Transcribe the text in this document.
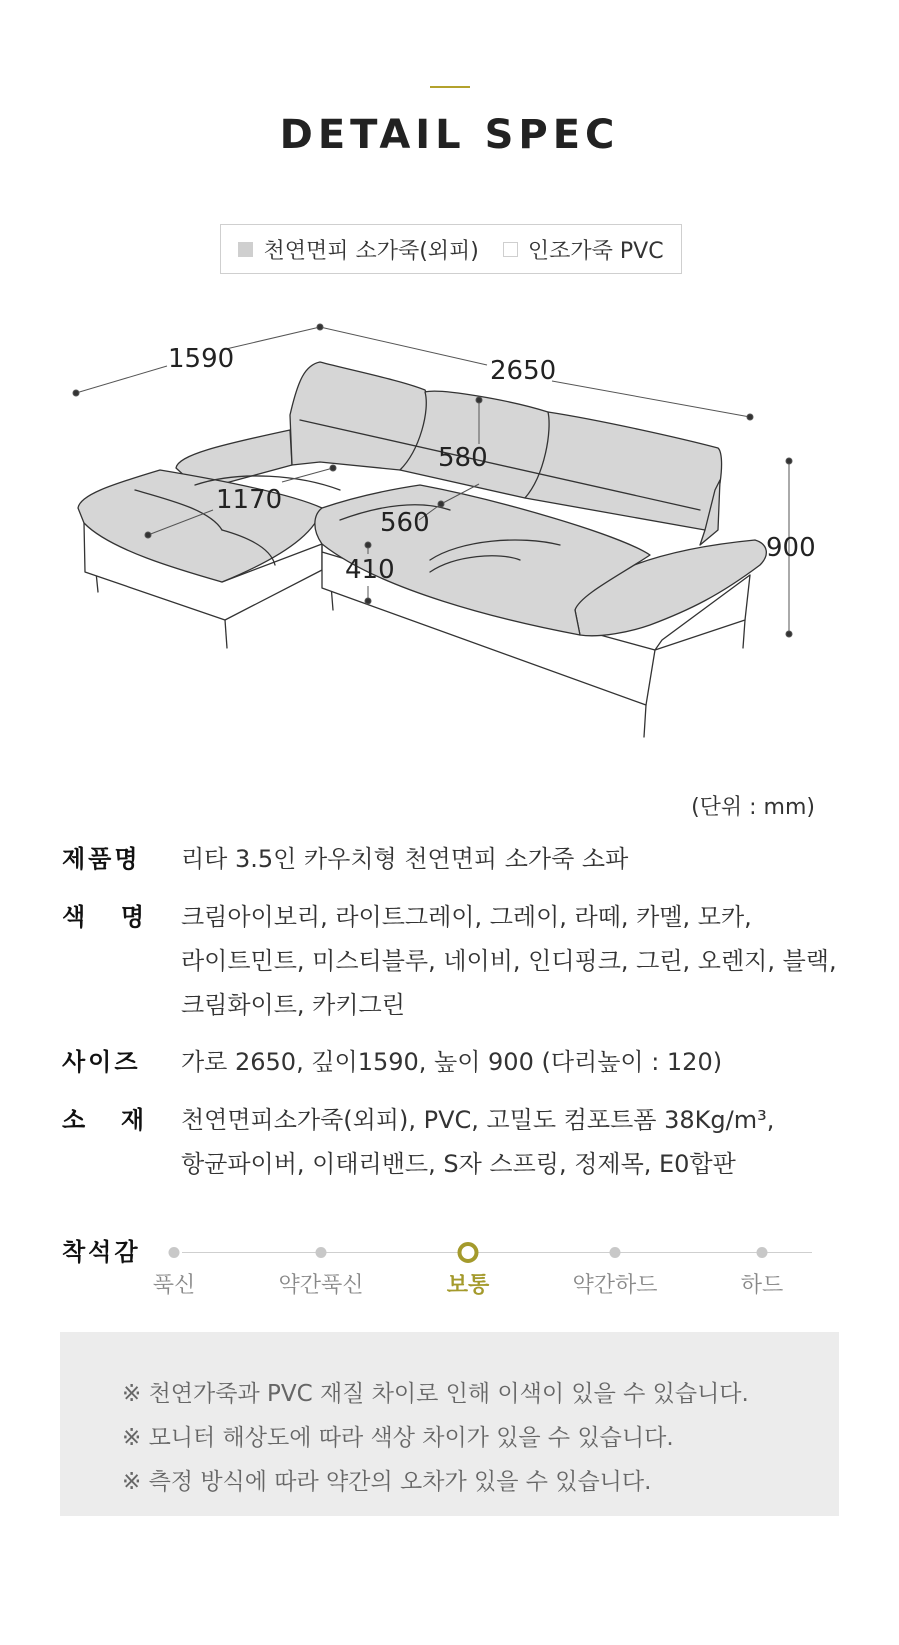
DETAIL SPEC
천연면피 소가죽(외피) 인조가죽 PVC
1590	2650
580
1170
560
410
900
(단위 : mm)
제품명 리타 3.5인 카우치형 천연면피 소가죽 소파
색 명 크림아이보리, 라이트그레이, 그레이, 라떼, 카멜, 모카,
라이트민트, 미스티블루, 네이비, 인디핑크, 그린, 오렌지, 블랙,
크림화이트, 카키그린
사이즈 가로 2650, 깊이1590, 높이 900 (다리높이 : 120)
소 재 천연면피소가죽(외피), PVC, 고밀도 컴포트폼 38Kg/m³,
항균파이버, 이태리밴드, S자 스프링, 정제목, E0합판
착석감
푹신	약간푹신	보통	약간하드	하드

※ 천연가죽과 PVC 재질 차이로 인해 이색이 있을 수 있습니다.

※ 모니터 해상도에 따라 색상 차이가 있을 수 있습니다.

※ 측정 방식에 따라 약간의 오차가 있을 수 있습니다.
